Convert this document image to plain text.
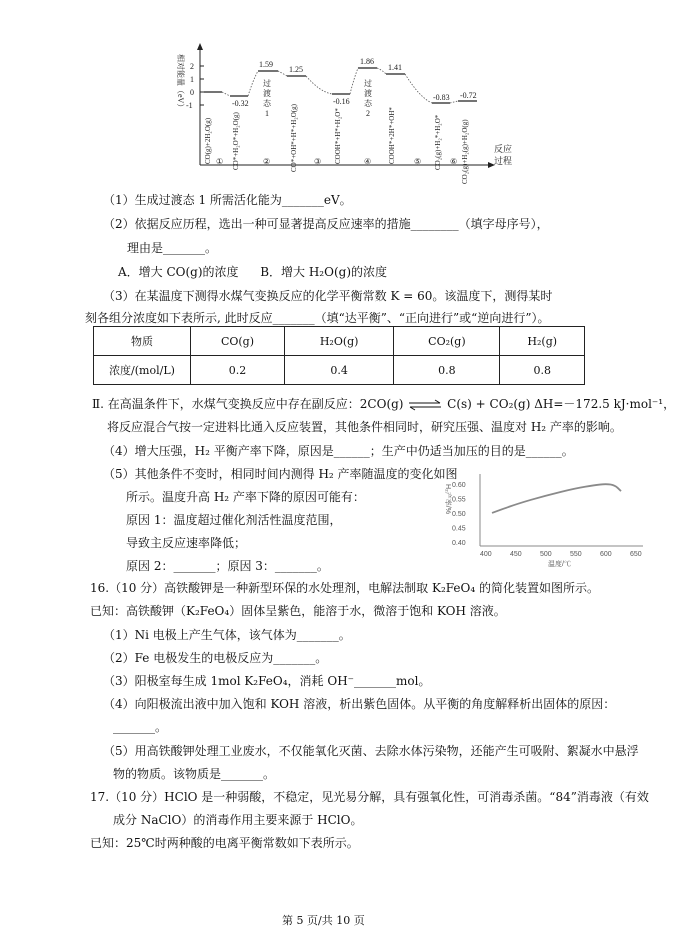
2
1
0
-1
相对能量（eV）
反应
过程
-0.32
1.59
1.25
-0.16
1.86
1.41
-0.83 -0.72
过
渡
态
1
过
渡
态
2
CO(g)+2H₂O(g)	CO*+H₂O*+H₂O(g)	CO*+OH*+H*+H₂O(g)	COOH*+H*+H₂O*	COOH*+2H*+OH*	CO₂(g)+H₂*+H₂O*	CO₂(g)+H₂(g)+H₂O(g)
①	②	③	④	⑤	⑥
（1）生成过渡态 1 所需活化能为_______eV。
（2）依据反应历程，选出一种可显著提高反应速率的措施________（填字母序号），
理由是_______。
A．增大 CO(g)的浓度 B．增大 H₂O(g)的浓度
（3）在某温度下测得水煤气变换反应的化学平衡常数 K = 60。该温度下，测得某时
刻各组分浓度如下表所示, 此时反应_______（填“达平衡”、“正向进行”或“逆向进行”）。
物质	CO(g)	H₂O(g)	CO₂(g)	H₂(g)
浓度/(mol/L)	0.2	0.4	0.8	0.8
Ⅱ. 在高温条件下，水煤气变换反应中存在副反应：2CO(g) ⇌ C(s) + CO₂(g) ΔH=－172.5 kJ·mol⁻¹，
将反应混合气按一定进料比通入反应装置，其他条件相同时，研究压强、温度对 H₂ 产率的影响。
（4）增大压强，H₂ 平衡产率下降，原因是______；生产中仍适当加压的目的是______。
（5）其他条件不变时，相同时间内测得 H₂ 产率随温度的变化如图
所示。温度升高 H₂ 产率下降的原因可能有：
原因 1：温度超过催化剂活性温度范围，
导致主反应速率降低；
原因 2：_______；原因 3：_______。
H₂产率/%
温度/℃
0.40
0.45
0.50
0.55
0.60
400	450	500	550	600	650
16.（10 分）高铁酸钾是一种新型环保的水处理剂，电解法制取 K₂FeO₄ 的简化装置如图所示。
已知：高铁酸钾（K₂FeO₄）固体呈紫色，能溶于水，微溶于饱和 KOH 溶液。
（1）Ni 电极上产生气体，该气体为_______。
（2）Fe 电极发生的电极反应为_______。
（3）阳极室每生成 1mol K₂FeO₄，消耗 OH⁻_______mol。
（4）向阳极流出液中加入饱和 KOH 溶液，析出紫色固体。从平衡的角度解释析出固体的原因：
_______。
（5）用高铁酸钾处理工业废水，不仅能氧化灭菌、去除水体污染物，还能产生可吸附、絮凝水中悬浮
物的物质。该物质是_______。
17.（10 分）HClO 是一种弱酸，不稳定，见光易分解，具有强氧化性，可消毒杀菌。“84”消毒液（有效
成分 NaClO）的消毒作用主要来源于 HClO。
已知：25℃时两种酸的电离平衡常数如下表所示。
第 5 页/共 10 页
